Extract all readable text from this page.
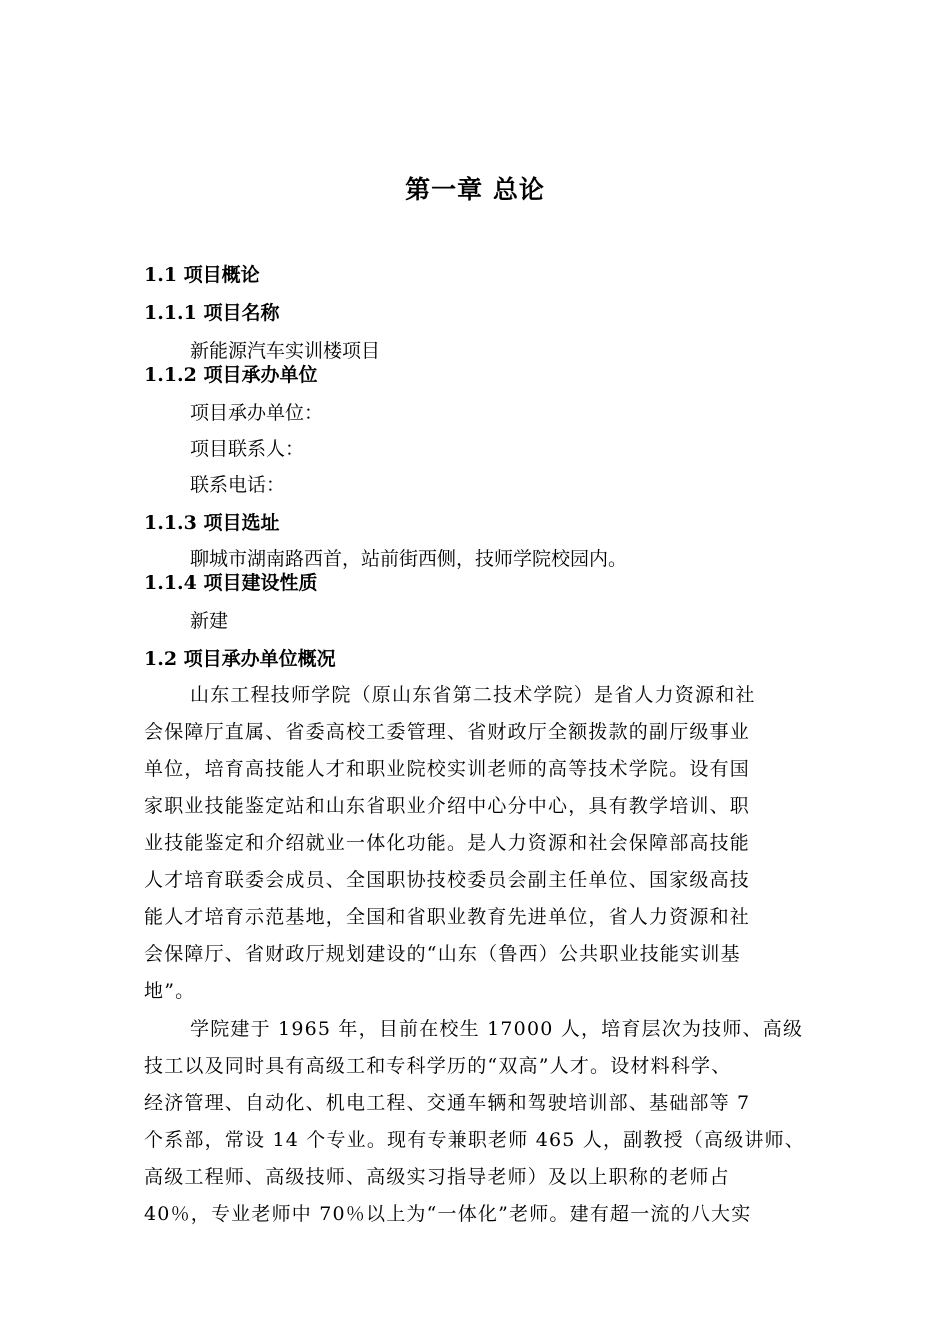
第一章 总论
1.1 项目概论
1.1.1 项目名称
新能源汽车实训楼项目
1.1.2 项目承办单位
项目承办单位：
项目联系人：
联系电话：
1.1.3 项目选址
聊城市湖南路西首，站前街西侧，技师学院校园内。
1.1.4 项目建设性质
新建
1.2 项目承办单位概况
山东工程技师学院（原山东省第二技术学院）是省人力资源和社
会保障厅直属、省委高校工委管理、省财政厅全额拨款的副厅级事业
单位，培育高技能人才和职业院校实训老师的高等技术学院。设有国
家职业技能鉴定站和山东省职业介绍中心分中心，具有教学培训、职
业技能鉴定和介绍就业一体化功能。是人力资源和社会保障部高技能
人才培育联委会成员、全国职协技校委员会副主任单位、国家级高技
能人才培育示范基地，全国和省职业教育先进单位，省人力资源和社
会保障厅、省财政厅规划建设的“山东（鲁西）公共职业技能实训基
地”。
学院建于 1965 年，目前在校生 17000 人，培育层次为技师、高级
技工以及同时具有高级工和专科学历的“双高”人才。设材料科学、
经济管理、自动化、机电工程、交通车辆和驾驶培训部、基础部等 7
个系部，常设 14 个专业。现有专兼职老师 465 人，副教授（高级讲师、
高级工程师、高级技师、高级实习指导老师）及以上职称的老师占
40％，专业老师中 70％以上为“一体化”老师。建有超一流的八大实
